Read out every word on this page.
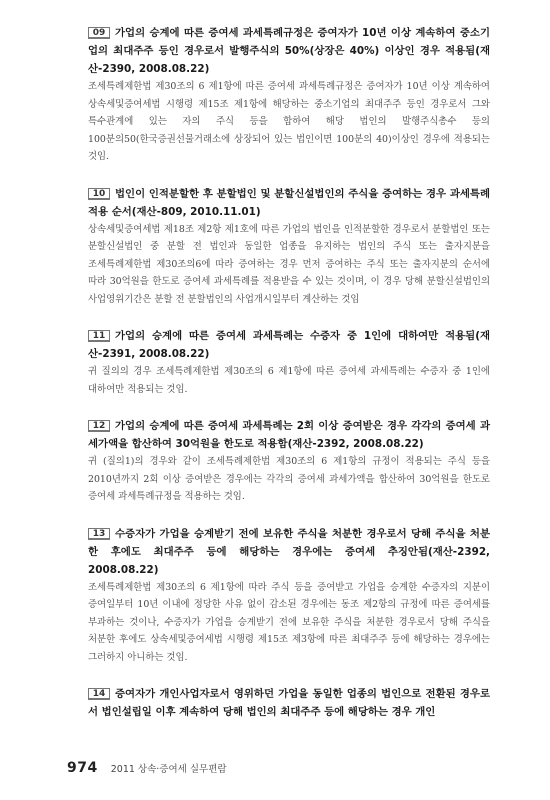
09 가업의 승계에 따른 증여세 과세특례규정은 증여자가 10년 이상 계속하여 중소기업의 최대주주 등인 경우로서 발행주식의 50%(상장은 40%) 이상인 경우 적용됨(재산-2390, 2008.08.22)

조세특례제한법 제30조의 6 제1항에 따른 증여세 과세특례규정은 증여자가 10년 이상 계속하여 상속세및증여세법 시행령 제15조 제1항에 해당하는 중소기업의 최대주주 등인 경우로서 그와 특수관계에 있는 자의 주식 등을 합하여 해당 법인의 발행주식총수 등의 100분의50(한국증권선물거래소에 상장되어 있는 법인이면 100분의 40)이상인 경우에 적용되는 것임.

10 법인이 인적분할한 후 분할법인 및 분할신설법인의 주식을 증여하는 경우 과세특례적용 순서(재산-809, 2010.11.01)

상속세및증여세법 제18조 제2항 제1호에 따른 가업의 법인을 인적분할한 경우로서 분할법인 또는 분할신설법인 중 분할 전 법인과 동일한 업종을 유지하는 법인의 주식 또는 출자지분을 조세특례제한법 제30조의6에 따라 증여하는 경우 먼저 증여하는 주식 또는 출자지분의 순서에 따라 30억원을 한도로 증여세 과세특례를 적용받을 수 있는 것이며, 이 경우 당해 분할신설법인의 사업영위기간은 분할 전 분할법인의 사업개시일부터 계산하는 것임

11 가업의 승계에 따른 증여세 과세특례는 수증자 중 1인에 대하여만 적용됨(재산-2391, 2008.08.22)

귀 질의의 경우 조세특례제한법 제30조의 6 제1항에 따른 증여세 과세특례는 수증자 중 1인에 대하여만 적용되는 것임.

12 가업의 승계에 따른 증여세 과세특례는 2회 이상 증여받은 경우 각각의 증여세 과세가액을 합산하여 30억원을 한도로 적용함(재산-2392, 2008.08.22)

귀 (질의1)의 경우와 같이 조세특례제한법 제30조의 6 제1항의 규정이 적용되는 주식 등을 2010년까지 2회 이상 증여받은 경우에는 각각의 증여세 과세가액을 합산하여 30억원을 한도로 증여세 과세특례규정을 적용하는 것임.

13 수증자가 가업을 승계받기 전에 보유한 주식을 처분한 경우로서 당해 주식을 처분한 후에도 최대주주 등에 해당하는 경우에는 증여세 추징안됨(재산-2392, 2008.08.22)

조세특례제한법 제30조의 6 제1항에 따라 주식 등을 증여받고 가업을 승계한 수증자의 지분이 증여일부터 10년 이내에 정당한 사유 없이 감소된 경우에는 동조 제2항의 규정에 따른 증여세를 부과하는 것이나, 수증자가 가업을 승계받기 전에 보유한 주식을 처분한 경우로서 당해 주식을 처분한 후에도 상속세및증여세법 시행령 제15조 제3항에 따른 최대주주 등에 해당하는 경우에는 그러하지 아니하는 것임.

14 증여자가 개인사업자로서 영위하던 가업을 동일한 업종의 법인으로 전환된 경우로서 법인설립일 이후 계속하여 당해 법인의 최대주주 등에 해당하는 경우 개인

974 2011 상속·증여세 실무편람
